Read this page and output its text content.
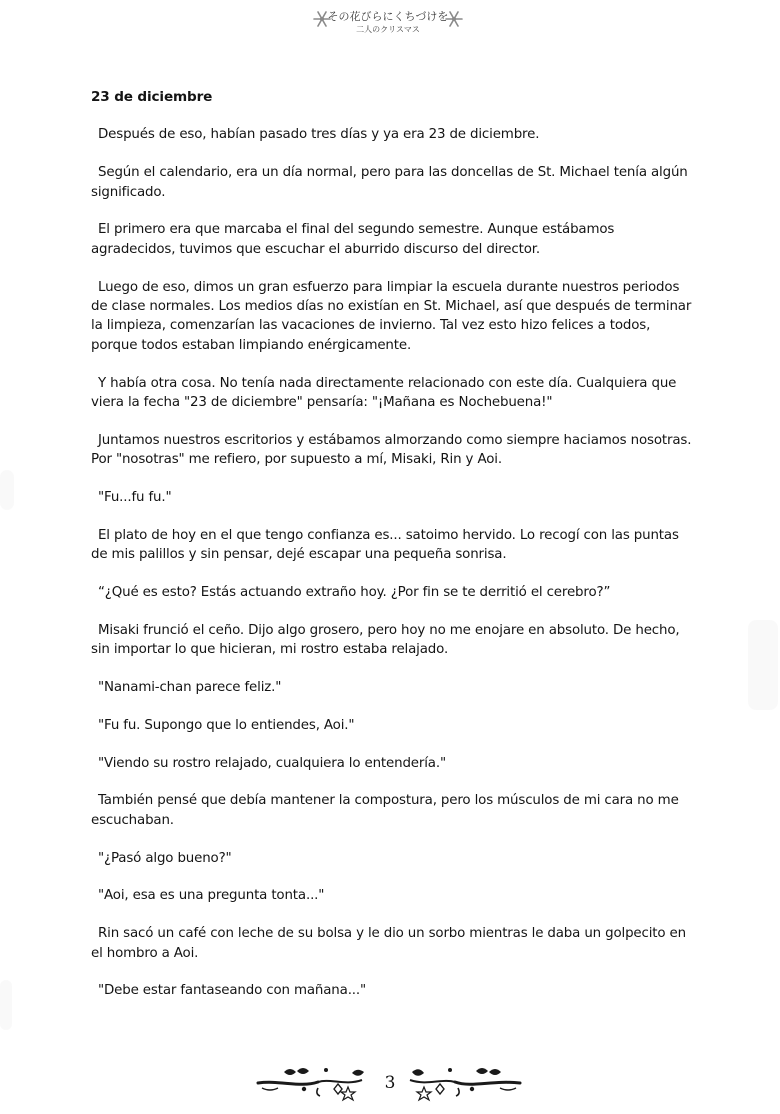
その花びらにくちづけを
二人のクリスマス
23 de diciembre

Después de eso, habían pasado tres días y ya era 23 de diciembre.

Según el calendario, era un día normal, pero para las doncellas de St. Michael tenía algún significado.

El primero era que marcaba el final del segundo semestre. Aunque estábamos agradecidos, tuvimos que escuchar el aburrido discurso del director.

Luego de eso, dimos un gran esfuerzo para limpiar la escuela durante nuestros periodos de clase normales. Los medios días no existían en St. Michael, así que después de terminar la limpieza, comenzarían las vacaciones de invierno. Tal vez esto hizo felices a todos, porque todos estaban limpiando enérgicamente.

Y había otra cosa. No tenía nada directamente relacionado con este día. Cualquiera que viera la fecha "23 de diciembre" pensaría: "¡Mañana es Nochebuena!"

Juntamos nuestros escritorios y estábamos almorzando como siempre haciamos nosotras. Por "nosotras" me refiero, por supuesto a mí, Misaki, Rin y Aoi.

"Fu...fu fu."

El plato de hoy en el que tengo confianza es... satoimo hervido. Lo recogí con las puntas de mis palillos y sin pensar, dejé escapar una pequeña sonrisa.

“¿Qué es esto? Estás actuando extraño hoy. ¿Por fin se te derritió el cerebro?”

Misaki frunció el ceño. Dijo algo grosero, pero hoy no me enojare en absoluto. De hecho, sin importar lo que hicieran, mi rostro estaba relajado.

"Nanami-chan parece feliz."

"Fu fu. Supongo que lo entiendes, Aoi."

"Viendo su rostro relajado, cualquiera lo entendería."

También pensé que debía mantener la compostura, pero los músculos de mi cara no me escuchaban.

"¿Pasó algo bueno?"

"Aoi, esa es una pregunta tonta..."

Rin sacó un café con leche de su bolsa y le dio un sorbo mientras le daba un golpecito en el hombro a Aoi.

"Debe estar fantaseando con mañana..."

3
